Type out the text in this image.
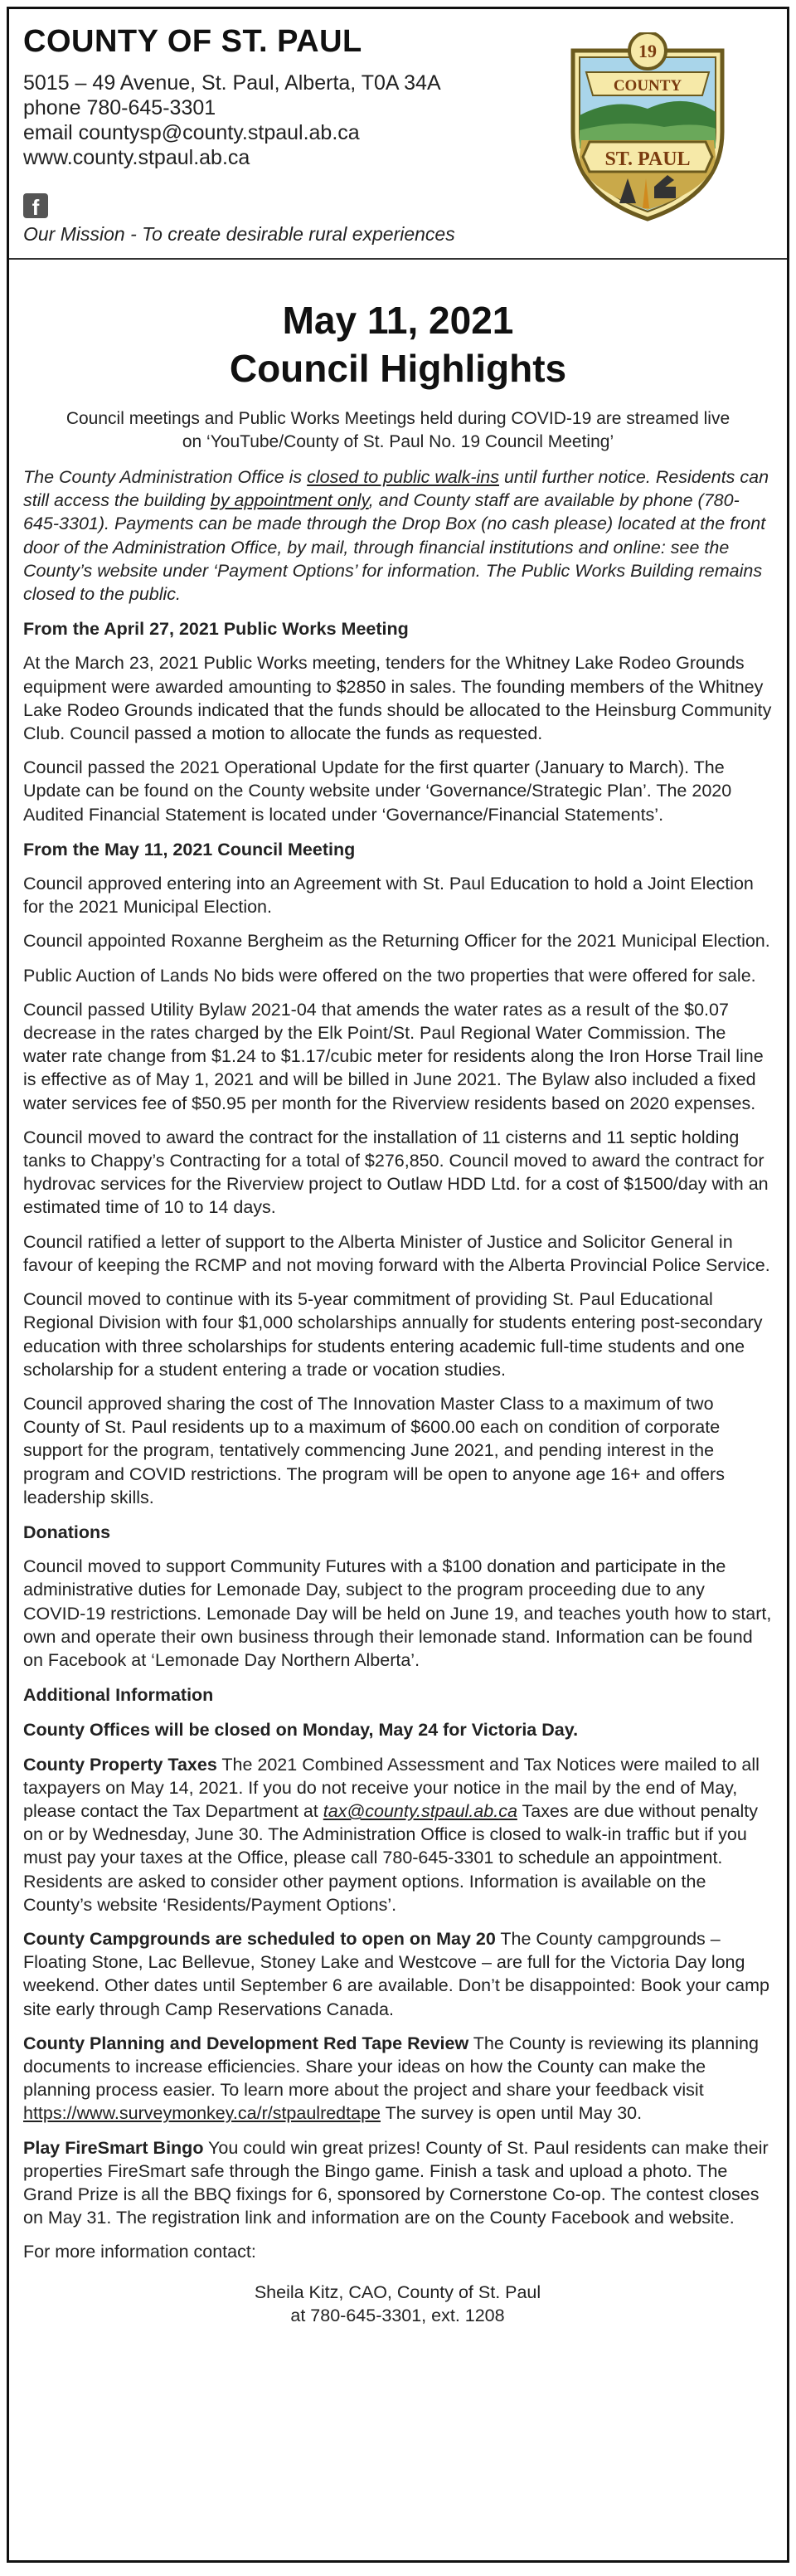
COUNTY OF ST. PAUL
5015 – 49 Avenue, St. Paul, Alberta, T0A 34A
phone 780-645-3301
email countysp@county.stpaul.ab.ca
www.county.stpaul.ab.ca
f
Our Mission - To create desirable rural experiences
COUNTY
19
ST. PAUL
May 11, 2021
Council Highlights
Council meetings and Public Works Meetings held during COVID-19 are streamed live on ‘YouTube/County of St. Paul No. 19 Council Meeting’

The County Administration Office is closed to public walk-ins until further notice. Residents can still access the building by appointment only, and County staff are available by phone (780-645-3301). Payments can be made through the Drop Box (no cash please) located at the front door of the Administration Office, by mail, through financial institutions and online: see the County’s website under ‘Payment Options’ for information. The Public Works Building remains closed to the public.

From the April 27, 2021 Public Works Meeting

At the March 23, 2021 Public Works meeting, tenders for the Whitney Lake Rodeo Grounds equipment were awarded amounting to $2850 in sales. The founding members of the Whitney Lake Rodeo Grounds indicated that the funds should be allocated to the Heinsburg Community Club. Council passed a motion to allocate the funds as requested.

Council passed the 2021 Operational Update for the first quarter (January to March). The Update can be found on the County website under ‘Governance/Strategic Plan’. The 2020 Audited Financial Statement is located under ‘Governance/Financial Statements’.

From the May 11, 2021 Council Meeting

Council approved entering into an Agreement with St. Paul Education to hold a Joint Election for the 2021 Municipal Election.

Council appointed Roxanne Bergheim as the Returning Officer for the 2021 Municipal Election.

Public Auction of Lands No bids were offered on the two properties that were offered for sale.

Council passed Utility Bylaw 2021-04 that amends the water rates as a result of the $0.07 decrease in the rates charged by the Elk Point/St. Paul Regional Water Commission. The water rate change from $1.24 to $1.17/cubic meter for residents along the Iron Horse Trail line is effective as of May 1, 2021 and will be billed in June 2021. The Bylaw also included a fixed water services fee of $50.95 per month for the Riverview residents based on 2020 expenses.

Council moved to award the contract for the installation of 11 cisterns and 11 septic holding tanks to Chappy’s Contracting for a total of $276,850. Council moved to award the contract for hydrovac services for the Riverview project to Outlaw HDD Ltd. for a cost of $1500/day with an estimated time of 10 to 14 days.

Council ratified a letter of support to the Alberta Minister of Justice and Solicitor General in favour of keeping the RCMP and not moving forward with the Alberta Provincial Police Service.

Council moved to continue with its 5-year commitment of providing St. Paul Educational Regional Division with four $1,000 scholarships annually for students entering post-secondary education with three scholarships for students entering academic full-time students and one scholarship for a student entering a trade or vocation studies.

Council approved sharing the cost of The Innovation Master Class to a maximum of two County of St. Paul residents up to a maximum of $600.00 each on condition of corporate support for the program, tentatively commencing June 2021, and pending interest in the program and COVID restrictions. The program will be open to anyone age 16+ and offers leadership skills.

Donations

Council moved to support Community Futures with a $100 donation and participate in the administrative duties for Lemonade Day, subject to the program proceeding due to any COVID-19 restrictions. Lemonade Day will be held on June 19, and teaches youth how to start, own and operate their own business through their lemonade stand. Information can be found on Facebook at ‘Lemonade Day Northern Alberta’.

Additional Information

County Offices will be closed on Monday, May 24 for Victoria Day.

County Property Taxes The 2021 Combined Assessment and Tax Notices were mailed to all taxpayers on May 14, 2021. If you do not receive your notice in the mail by the end of May, please contact the Tax Department at tax@county.stpaul.ab.ca Taxes are due without penalty on or by Wednesday, June 30. The Administration Office is closed to walk-in traffic but if you must pay your taxes at the Office, please call 780-645-3301 to schedule an appointment. Residents are asked to consider other payment options. Information is available on the County’s website ‘Residents/Payment Options’.

County Campgrounds are scheduled to open on May 20 The County campgrounds – Floating Stone, Lac Bellevue, Stoney Lake and Westcove – are full for the Victoria Day long weekend. Other dates until September 6 are available. Don’t be disappointed: Book your camp site early through Camp Reservations Canada.

County Planning and Development Red Tape Review The County is reviewing its planning documents to increase efficiencies. Share your ideas on how the County can make the planning process easier. To learn more about the project and share your feedback visit https://www.surveymonkey.ca/r/stpaulredtape The survey is open until May 30.

Play FireSmart Bingo You could win great prizes! County of St. Paul residents can make their properties FireSmart safe through the Bingo game. Finish a task and upload a photo. The Grand Prize is all the BBQ fixings for 6, sponsored by Cornerstone Co-op. The contest closes on May 31. The registration link and information are on the County Facebook and website.

For more information contact:

Sheila Kitz, CAO, County of St. Paul
at 780-645-3301, ext. 1208
